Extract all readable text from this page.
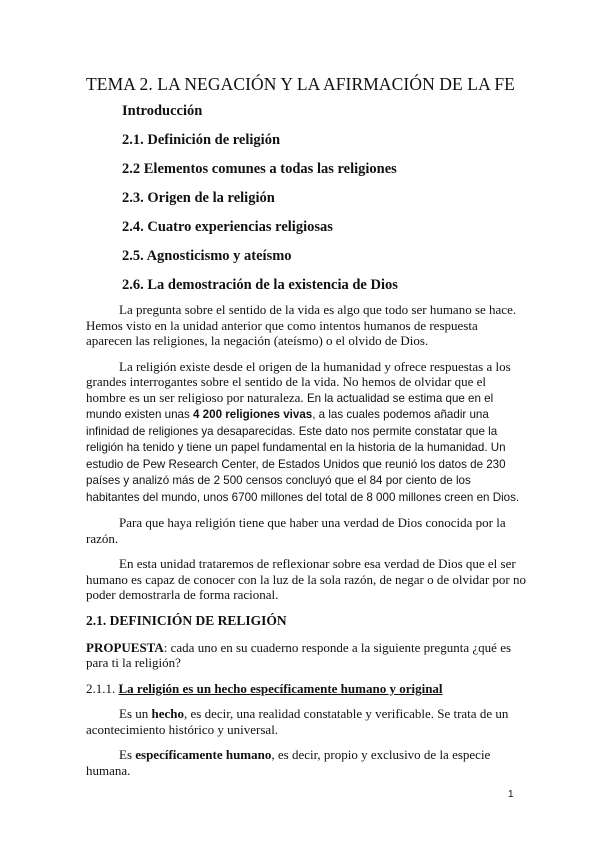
TEMA 2. LA NEGACIÓN Y LA AFIRMACIÓN DE LA FE
Introducción
2.1. Definición de religión
2.2 Elementos comunes a todas las religiones
2.3. Origen de la religión
2.4. Cuatro experiencias religiosas
2.5. Agnosticismo y ateísmo
2.6. La demostración de la existencia de Dios

La pregunta sobre el sentido de la vida es algo que todo ser humano se hace. Hemos visto en la unidad anterior que como intentos humanos de respuesta aparecen las religiones, la negación (ateísmo) o el olvido de Dios.

La religión existe desde el origen de la humanidad y ofrece respuestas a los grandes interrogantes sobre el sentido de la vida. No hemos de olvidar que el hombre es un ser religioso por naturaleza. En la actualidad se estima que en el mundo existen unas 4 200 religiones vivas, a las cuales podemos añadir una infinidad de religiones ya desaparecidas. Este dato nos permite constatar que la religión ha tenido y tiene un papel fundamental en la historia de la humanidad. Un estudio de Pew Research Center, de Estados Unidos que reunió los datos de 230 países y analizó más de 2 500 censos concluyó que el 84 por ciento de los habitantes del mundo, unos 6700 millones del total de 8 000 millones creen en Dios.

Para que haya religión tiene que haber una verdad de Dios conocida por la razón.

En esta unidad trataremos de reflexionar sobre esa verdad de Dios que el ser humano es capaz de conocer con la luz de la sola razón, de negar o de olvidar por no poder demostrarla de forma racional.

2.1. DEFINICIÓN DE RELIGIÓN

PROPUESTA: cada uno en su cuaderno responde a la siguiente pregunta ¿qué es para ti la religión?

2.1.1. La religión es un hecho específicamente humano y original

Es un hecho, es decir, una realidad constatable y verificable. Se trata de un acontecimiento histórico y universal.

Es específicamente humano, es decir, propio y exclusivo de la especie humana.

1
